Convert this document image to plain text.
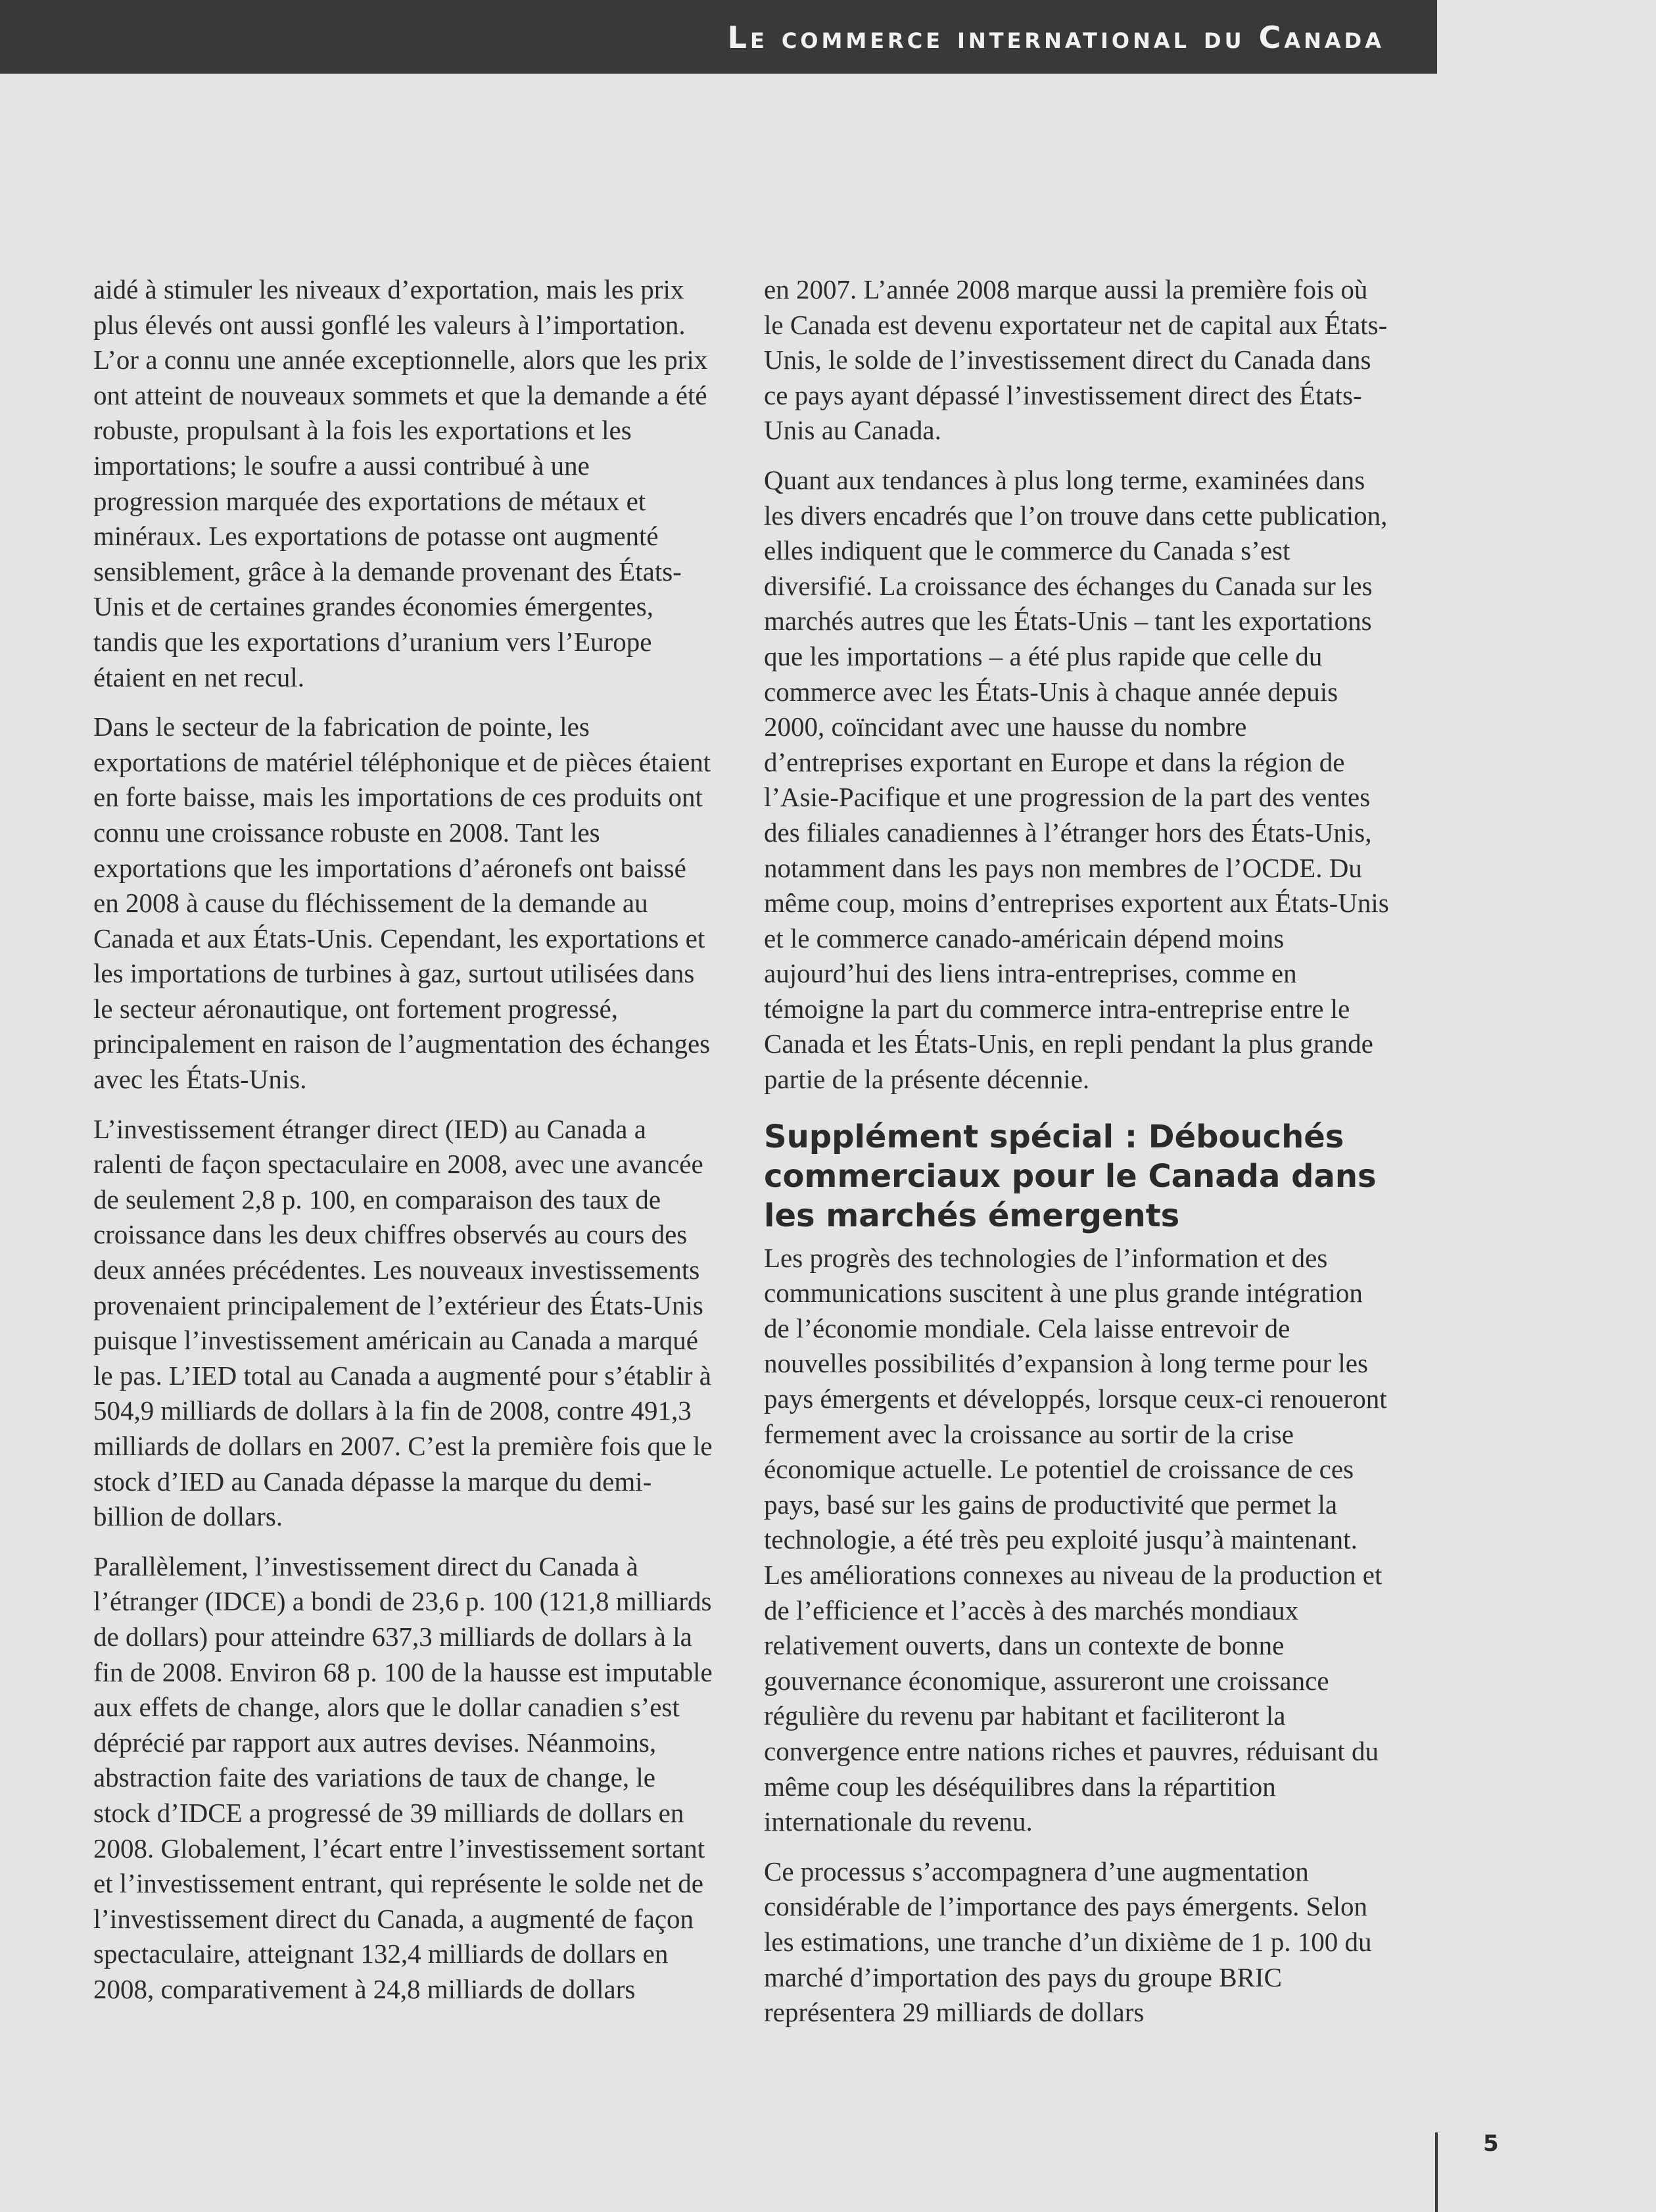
Le commerce international du Canada

aidé à stimuler les niveaux d’exportation, mais les prix plus élevés ont aussi gonflé les valeurs à l’importation. L’or a connu une année exceptionnelle, alors que les prix ont atteint de nouveaux sommets et que la demande a été robuste, propulsant à la fois les exportations et les importations; le soufre a aussi contribué à une progression marquée des exportations de métaux et minéraux. Les exportations de potasse ont augmenté sensiblement, grâce à la demande provenant des États-Unis et de certaines grandes économies émergentes, tandis que les exportations d’uranium vers l’Europe étaient en net recul.

Dans le secteur de la fabrication de pointe, les exportations de matériel téléphonique et de pièces étaient en forte baisse, mais les importations de ces produits ont connu une croissance robuste en 2008. Tant les exportations que les importations d’aéronefs ont baissé en 2008 à cause du fléchissement de la demande au Canada et aux États-Unis. Cependant, les exportations et les importations de turbines à gaz, surtout utilisées dans le secteur aéronautique, ont fortement progressé, principalement en raison de l’augmentation des échanges avec les États-Unis.

L’investissement étranger direct (IED) au Canada a ralenti de façon spectaculaire en 2008, avec une avancée de seulement 2,8 p. 100, en comparaison des taux de croissance dans les deux chiffres observés au cours des deux années précédentes. Les nouveaux investissements provenaient principalement de l’extérieur des États-Unis puisque l’investissement américain au Canada a marqué le pas. L’IED total au Canada a augmenté pour s’établir à 504,9 milliards de dollars à la fin de 2008, contre 491,3 milliards de dollars en 2007. C’est la première fois que le stock d’IED au Canada dépasse la marque du demi-billion de dollars.

Parallèlement, l’investissement direct du Canada à l’étranger (IDCE) a bondi de 23,6 p. 100 (121,8 milliards de dollars) pour atteindre 637,3 milliards de dollars à la fin de 2008. Environ 68 p. 100 de la hausse est imputable aux effets de change, alors que le dollar canadien s’est déprécié par rapport aux autres devises. Néanmoins, abstraction faite des variations de taux de change, le stock d’IDCE a progressé de 39 milliards de dollars en 2008. Globalement, l’écart entre l’investissement sortant et l’investissement entrant, qui représente le solde net de l’investissement direct du Canada, a augmenté de façon spectaculaire, atteignant 132,4 milliards de dollars en 2008, comparativement à 24,8 milliards de dollars

en 2007. L’année 2008 marque aussi la première fois où le Canada est devenu exportateur net de capital aux États-Unis, le solde de l’investissement direct du Canada dans ce pays ayant dépassé l’investissement direct des États-Unis au Canada.

Quant aux tendances à plus long terme, examinées dans les divers encadrés que l’on trouve dans cette publication, elles indiquent que le commerce du Canada s’est diversifié. La croissance des échanges du Canada sur les marchés autres que les États-Unis – tant les exportations que les importations – a été plus rapide que celle du commerce avec les États-Unis à chaque année depuis 2000, coïncidant avec une hausse du nombre d’entreprises exportant en Europe et dans la région de l’Asie-Pacifique et une progression de la part des ventes des filiales canadiennes à l’étranger hors des États-Unis, notamment dans les pays non membres de l’OCDE. Du même coup, moins d’entreprises exportent aux États-Unis et le commerce canado-américain dépend moins aujourd’hui des liens intra-entreprises, comme en témoigne la part du commerce intra-entreprise entre le Canada et les États-Unis, en repli pendant la plus grande partie de la présente décennie.

Supplément spécial : Débouchés commerciaux pour le Canada dans les marchés émergents

Les progrès des technologies de l’information et des communications suscitent à une plus grande intégration de l’économie mondiale. Cela laisse entrevoir de nouvelles possibilités d’expansion à long terme pour les pays émergents et développés, lorsque ceux-ci renoueront fermement avec la croissance au sortir de la crise économique actuelle. Le potentiel de croissance de ces pays, basé sur les gains de productivité que permet la technologie, a été très peu exploité jusqu’à maintenant. Les améliorations connexes au niveau de la production et de l’efficience et l’accès à des marchés mondiaux relativement ouverts, dans un contexte de bonne gouvernance économique, assureront une croissance régulière du revenu par habitant et faciliteront la convergence entre nations riches et pauvres, réduisant du même coup les déséquilibres dans la répartition internationale du revenu.

Ce processus s’accompagnera d’une augmentation considérable de l’importance des pays émergents. Selon les estimations, une tranche d’un dixième de 1 p. 100 du marché d’importation des pays du groupe BRIC représentera 29 milliards de dollars

5
